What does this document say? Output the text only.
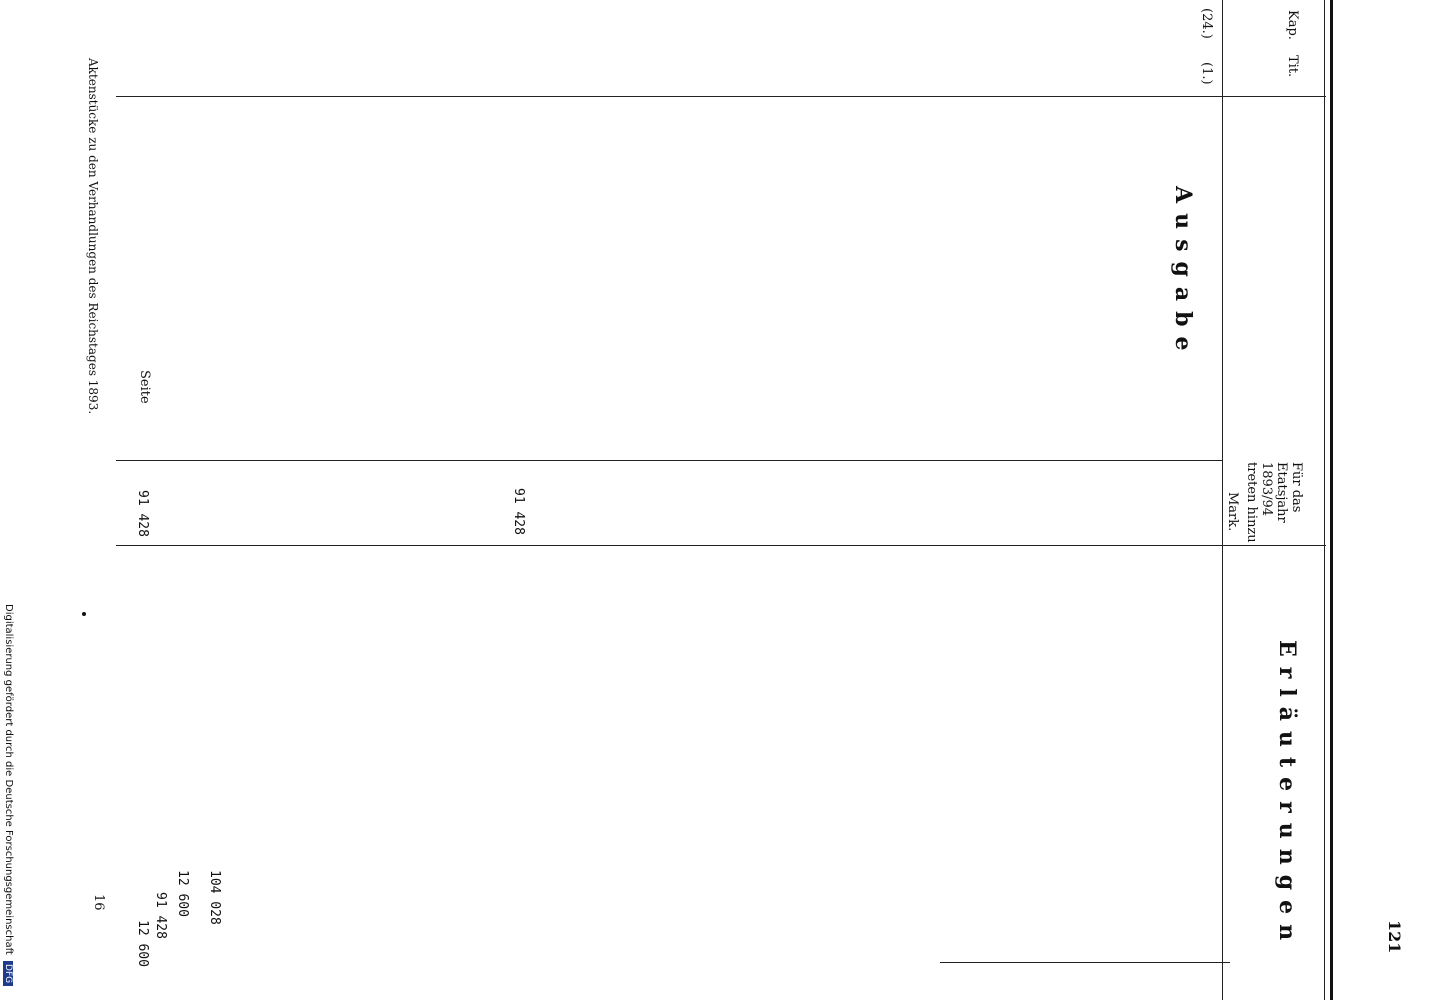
121
Kap.
Tit.
(24.)
(1.)
Ausgabe
Für das Etatsjahr 1893/94 treten hinzu
Mark.
Erläuterungen
91 428
91 428
Seite
104 028
12 600
91 428
12 600
16
Aktenstücke zu den Verhandlungen des Reichstages 1893.
Digitalisierung gefördert durch die Deutsche Forschungsgemeinschaft DFG
